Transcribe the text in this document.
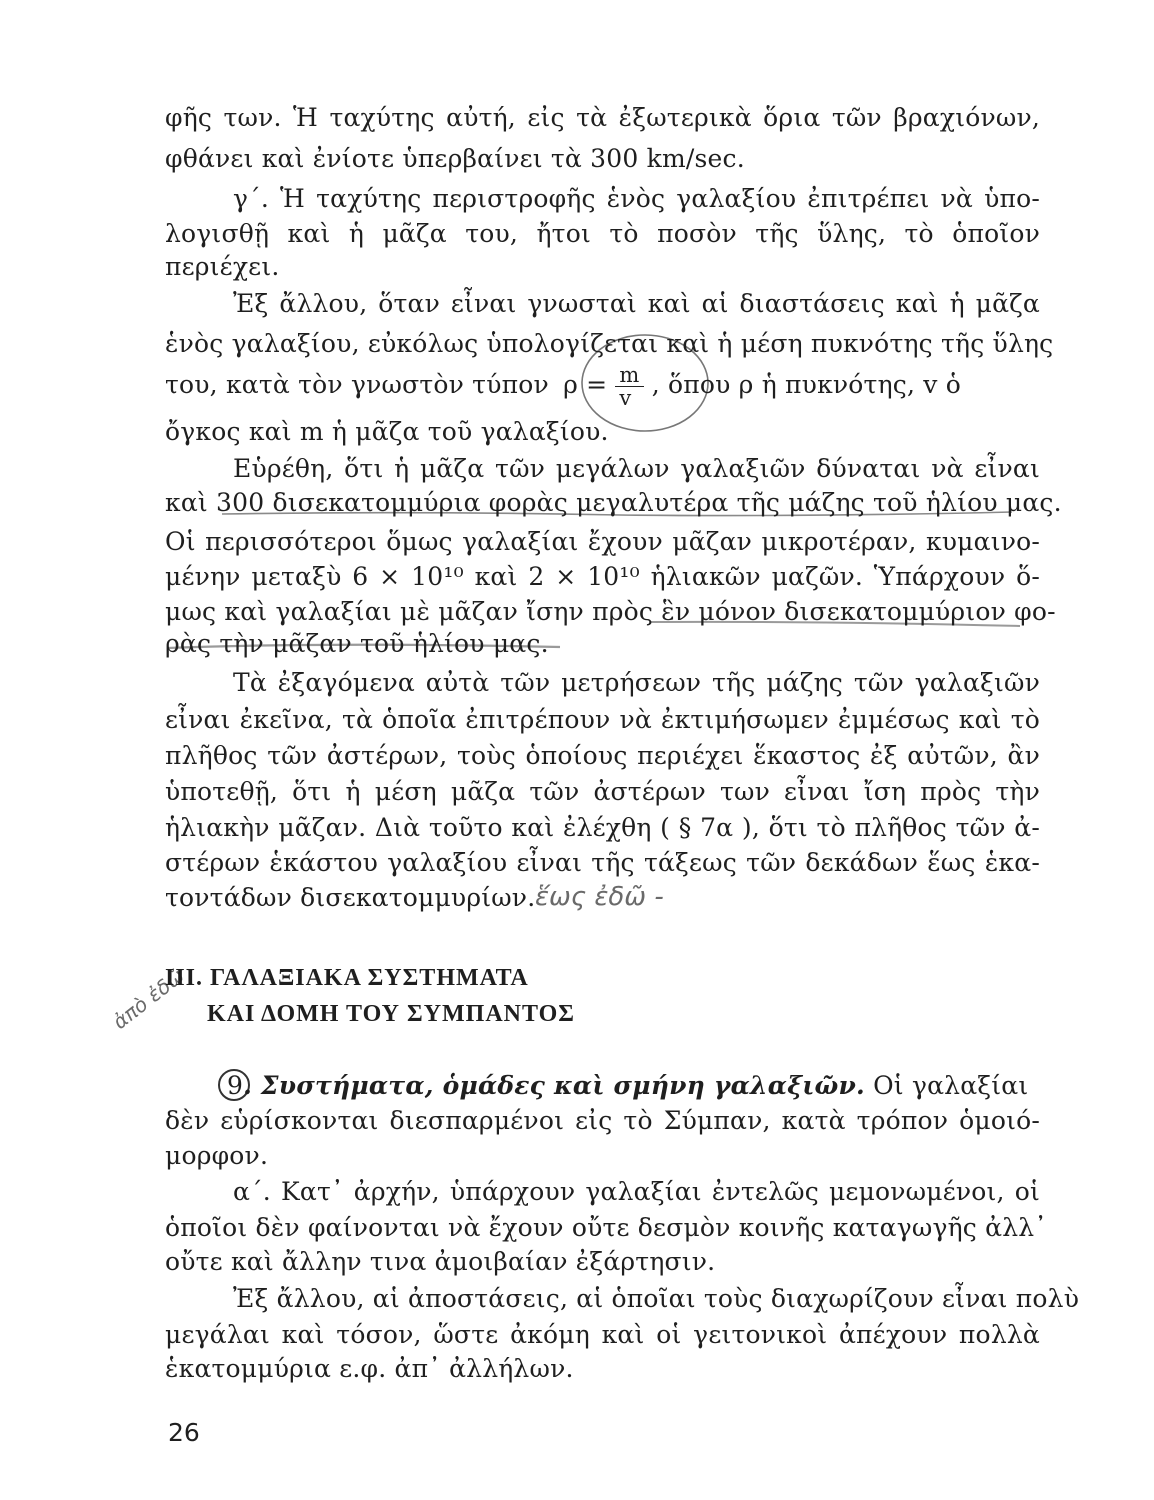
φῆς των. Ἡ ταχύτης αὐτή, εἰς τὰ ἐξωτερικὰ ὅρια τῶν βραχιόνων,
φθάνει καὶ ἐνίοτε ὑπερβαίνει τὰ 300 km/sec.
γ΄. Ἡ ταχύτης περιστροφῆς ἑνὸς γαλαξίου ἐπιτρέπει νὰ ὑπο-
λογισθῇ καὶ ἡ μᾶζα του, ἤτοι τὸ ποσὸν τῆς ὕλης, τὸ ὁποῖον
περιέχει.
Ἐξ ἄλλου, ὅταν εἶναι γνωσταὶ καὶ αἱ διαστάσεις καὶ ἡ μᾶζα
ἑνὸς γαλαξίου, εὐκόλως ὑπολογίζεται καὶ ἡ μέση πυκνότης τῆς ὕλης
του, κατὰ τὸν γνωστὸν τύπον $\rho = \frac{m}{v}$ , ὅπου ρ ἡ πυκνότης, v ὁ
ὄγκος καὶ m ἡ μᾶζα τοῦ γαλαξίου.
Εὑρέθη, ὅτι ἡ μᾶζα τῶν μεγάλων γαλαξιῶν δύναται νὰ εἶναι
καὶ 300 δισεκατομμύρια φορὰς μεγαλυτέρα τῆς μάζης τοῦ ἡλίου μας.
Οἱ περισσότεροι ὅμως γαλαξίαι ἔχουν μᾶζαν μικροτέραν, κυμαινο-
μένην μεταξὺ 6 × 10¹⁰ καὶ 2 × 10¹⁰ ἡλιακῶν μαζῶν. Ὑπάρχουν ὅ-
μως καὶ γαλαξίαι μὲ μᾶζαν ἴσην πρὸς ἓν μόνον δισεκατομμύριον φο-
ρὰς τὴν μᾶζαν τοῦ ἡλίου μας.
Τὰ ἐξαγόμενα αὐτὰ τῶν μετρήσεων τῆς μάζης τῶν γαλαξιῶν
εἶναι ἐκεῖνα, τὰ ὁποῖα ἐπιτρέπουν νὰ ἐκτιμήσωμεν ἐμμέσως καὶ τὸ
πλῆθος τῶν ἀστέρων, τοὺς ὁποίους περιέχει ἕκαστος ἐξ αὐτῶν, ἂν
ὑποτεθῇ, ὅτι ἡ μέση μᾶζα τῶν ἀστέρων των εἶναι ἴση πρὸς τὴν
ἡλιακὴν μᾶζαν. Διὰ τοῦτο καὶ ἐλέχθη ( § 7α ), ὅτι τὸ πλῆθος τῶν ἀ-
στέρων ἑκάστου γαλαξίου εἶναι τῆς τάξεως τῶν δεκάδων ἕως ἑκα-
τοντάδων δισεκατομμυρίων. ἕως ἐδῶ -
ἀπὸ ἐδῶ
III. ΓΑΛΑΞΙΑΚΑ ΣΥΣΤΗΜΑΤΑ
ΚΑΙ ΔΟΜΗ ΤΟΥ ΣΥΜΠΑΝΤΟΣ
9. Συστήματα, ὁμάδες καὶ σμήνη γαλαξιῶν. Οἱ γαλαξίαι
δὲν εὑρίσκονται διεσπαρμένοι εἰς τὸ Σύμπαν, κατὰ τρόπον ὁμοιό-
μορφον.
α΄. Κατ᾽ ἀρχήν, ὑπάρχουν γαλαξίαι ἐντελῶς μεμονωμένοι, οἱ
ὁποῖοι δὲν φαίνονται νὰ ἔχουν οὔτε δεσμὸν κοινῆς καταγωγῆς ἀλλ᾽
οὔτε καὶ ἄλλην τινα ἀμοιβαίαν ἐξάρτησιν.
Ἐξ ἄλλου, αἱ ἀποστάσεις, αἱ ὁποῖαι τοὺς διαχωρίζουν εἶναι πολὺ
μεγάλαι καὶ τόσον, ὥστε ἀκόμη καὶ οἱ γειτονικοὶ ἀπέχουν πολλὰ
ἑκατομμύρια ε.φ. ἀπ᾽ ἀλλήλων.
26
